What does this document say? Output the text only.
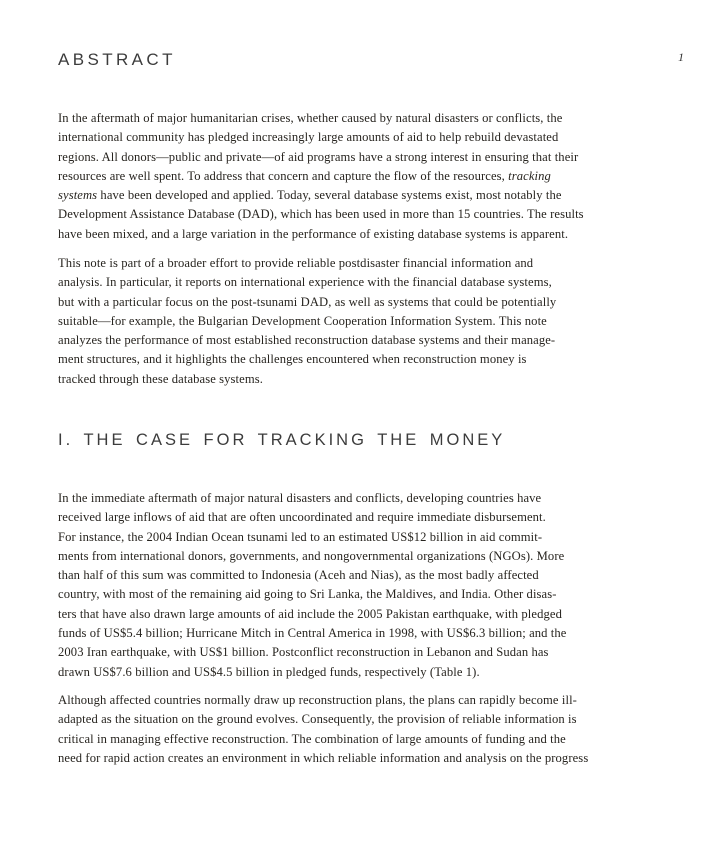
ABSTRACT	1
In the aftermath of major humanitarian crises, whether caused by natural disasters or conflicts, the
international community has pledged increasingly large amounts of aid to help rebuild devastated
regions. All donors—public and private—of aid programs have a strong interest in ensuring that their
resources are well spent. To address that concern and capture the flow of the resources, tracking
systems have been developed and applied. Today, several database systems exist, most notably the
Development Assistance Database (DAD), which has been used in more than 15 countries. The results
have been mixed, and a large variation in the performance of existing database systems is apparent.
This note is part of a broader effort to provide reliable postdisaster financial information and
analysis. In particular, it reports on international experience with the financial database systems,
but with a particular focus on the post-tsunami DAD, as well as systems that could be potentially
suitable—for example, the Bulgarian Development Cooperation Information System. This note
analyzes the performance of most established reconstruction database systems and their manage-
ment structures, and it highlights the challenges encountered when reconstruction money is
tracked through these database systems.
I. THE CASE FOR TRACKING THE MONEY
In the immediate aftermath of major natural disasters and conflicts, developing countries have
received large inflows of aid that are often uncoordinated and require immediate disbursement.
For instance, the 2004 Indian Ocean tsunami led to an estimated US$12 billion in aid commit-
ments from international donors, governments, and nongovernmental organizations (NGOs). More
than half of this sum was committed to Indonesia (Aceh and Nias), as the most badly affected
country, with most of the remaining aid going to Sri Lanka, the Maldives, and India. Other disas-
ters that have also drawn large amounts of aid include the 2005 Pakistan earthquake, with pledged
funds of US$5.4 billion; Hurricane Mitch in Central America in 1998, with US$6.3 billion; and the
2003 Iran earthquake, with US$1 billion. Postconflict reconstruction in Lebanon and Sudan has
drawn US$7.6 billion and US$4.5 billion in pledged funds, respectively (Table 1).
Although affected countries normally draw up reconstruction plans, the plans can rapidly become ill-
adapted as the situation on the ground evolves. Consequently, the provision of reliable information is
critical in managing effective reconstruction. The combination of large amounts of funding and the
need for rapid action creates an environment in which reliable information and analysis on the progress
